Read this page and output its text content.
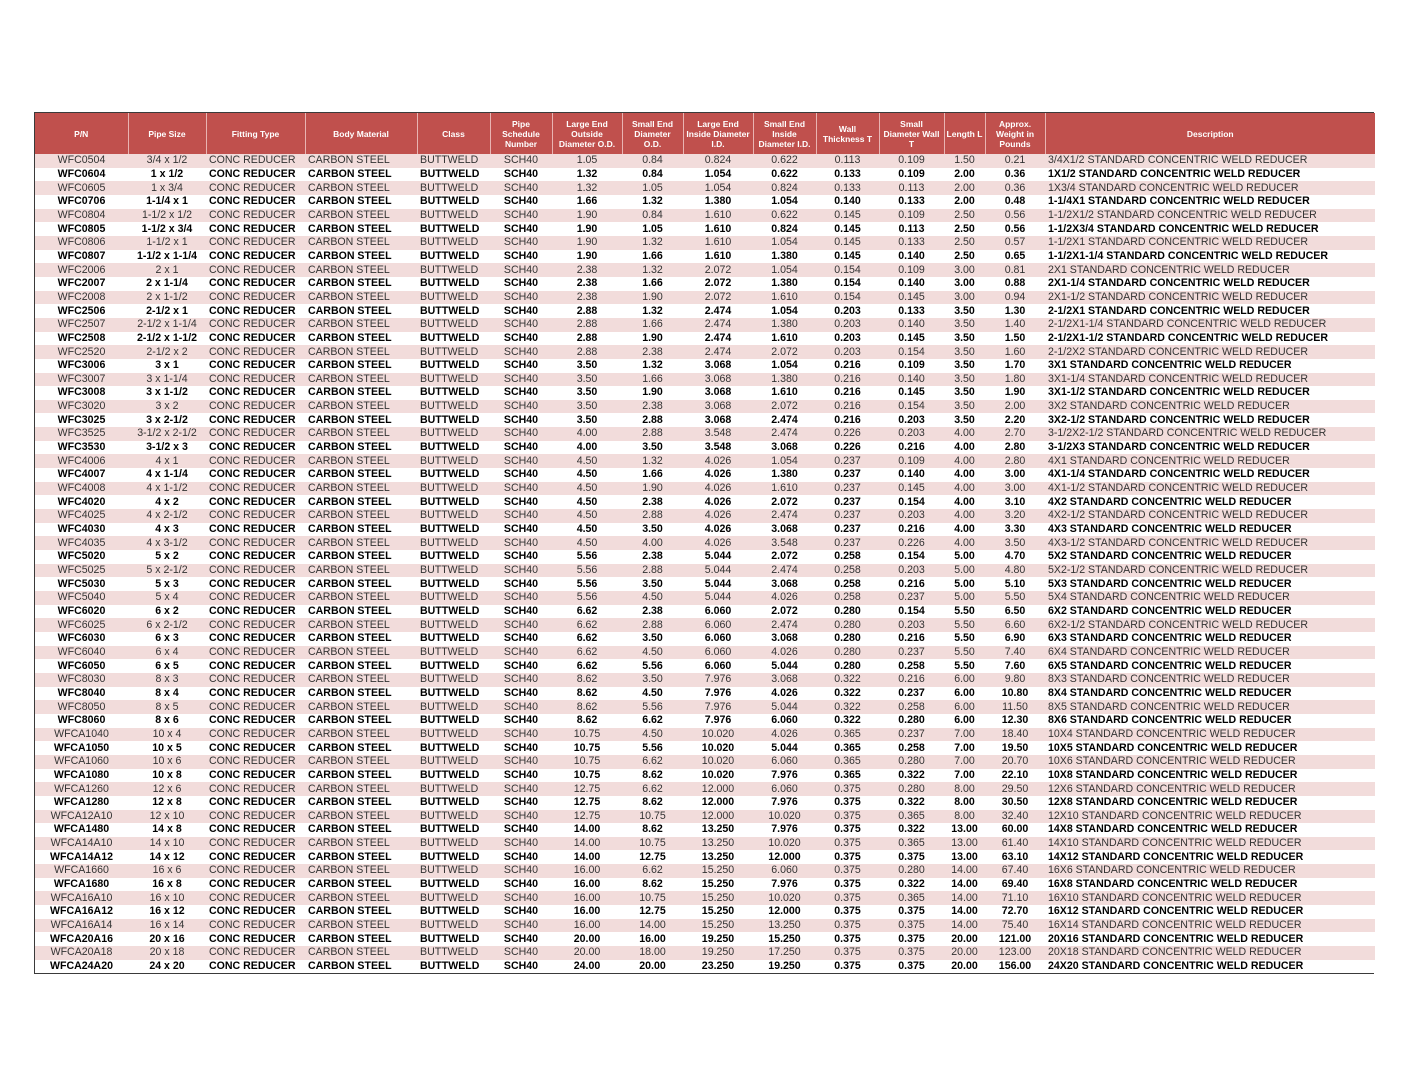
P/N	Pipe Size	Fitting Type	Body Material	Class	Pipe Schedule Number	Large End Outside Diameter O.D.	Small End Diameter O.D.	Large End Inside Diameter I.D.	Small End Inside Diameter I.D.	Wall Thickness T	Small Diameter Wall T	Length L	Approx. Weight in Pounds	Description
WFC0504	3/4 x 1/2	CONC REDUCER	CARBON STEEL	BUTTWELD	SCH40	1.05	0.84	0.824	0.622	0.113	0.109	1.50	0.21	3/4X1/2 STANDARD CONCENTRIC WELD REDUCER
WFC0604	1 x 1/2	CONC REDUCER	CARBON STEEL	BUTTWELD	SCH40	1.32	0.84	1.054	0.622	0.133	0.109	2.00	0.36	1X1/2 STANDARD CONCENTRIC WELD REDUCER
WFC0605	1 x 3/4	CONC REDUCER	CARBON STEEL	BUTTWELD	SCH40	1.32	1.05	1.054	0.824	0.133	0.113	2.00	0.36	1X3/4 STANDARD CONCENTRIC WELD REDUCER
WFC0706	1-1/4 x 1	CONC REDUCER	CARBON STEEL	BUTTWELD	SCH40	1.66	1.32	1.380	1.054	0.140	0.133	2.00	0.48	1-1/4X1 STANDARD CONCENTRIC WELD REDUCER
WFC0804	1-1/2 x 1/2	CONC REDUCER	CARBON STEEL	BUTTWELD	SCH40	1.90	0.84	1.610	0.622	0.145	0.109	2.50	0.56	1-1/2X1/2 STANDARD CONCENTRIC WELD REDUCER
WFC0805	1-1/2 x 3/4	CONC REDUCER	CARBON STEEL	BUTTWELD	SCH40	1.90	1.05	1.610	0.824	0.145	0.113	2.50	0.56	1-1/2X3/4 STANDARD CONCENTRIC WELD REDUCER
WFC0806	1-1/2 x 1	CONC REDUCER	CARBON STEEL	BUTTWELD	SCH40	1.90	1.32	1.610	1.054	0.145	0.133	2.50	0.57	1-1/2X1 STANDARD CONCENTRIC WELD REDUCER
WFC0807	1-1/2 x 1-1/4	CONC REDUCER	CARBON STEEL	BUTTWELD	SCH40	1.90	1.66	1.610	1.380	0.145	0.140	2.50	0.65	1-1/2X1-1/4 STANDARD CONCENTRIC WELD REDUCER
WFC2006	2 x 1	CONC REDUCER	CARBON STEEL	BUTTWELD	SCH40	2.38	1.32	2.072	1.054	0.154	0.109	3.00	0.81	2X1 STANDARD CONCENTRIC WELD REDUCER
WFC2007	2 x 1-1/4	CONC REDUCER	CARBON STEEL	BUTTWELD	SCH40	2.38	1.66	2.072	1.380	0.154	0.140	3.00	0.88	2X1-1/4 STANDARD CONCENTRIC WELD REDUCER
WFC2008	2 x 1-1/2	CONC REDUCER	CARBON STEEL	BUTTWELD	SCH40	2.38	1.90	2.072	1.610	0.154	0.145	3.00	0.94	2X1-1/2 STANDARD CONCENTRIC WELD REDUCER
WFC2506	2-1/2 x 1	CONC REDUCER	CARBON STEEL	BUTTWELD	SCH40	2.88	1.32	2.474	1.054	0.203	0.133	3.50	1.30	2-1/2X1 STANDARD CONCENTRIC WELD REDUCER
WFC2507	2-1/2 x 1-1/4	CONC REDUCER	CARBON STEEL	BUTTWELD	SCH40	2.88	1.66	2.474	1.380	0.203	0.140	3.50	1.40	2-1/2X1-1/4 STANDARD CONCENTRIC WELD REDUCER
WFC2508	2-1/2 x 1-1/2	CONC REDUCER	CARBON STEEL	BUTTWELD	SCH40	2.88	1.90	2.474	1.610	0.203	0.145	3.50	1.50	2-1/2X1-1/2 STANDARD CONCENTRIC WELD REDUCER
WFC2520	2-1/2 x 2	CONC REDUCER	CARBON STEEL	BUTTWELD	SCH40	2.88	2.38	2.474	2.072	0.203	0.154	3.50	1.60	2-1/2X2 STANDARD CONCENTRIC WELD REDUCER
WFC3006	3 x 1	CONC REDUCER	CARBON STEEL	BUTTWELD	SCH40	3.50	1.32	3.068	1.054	0.216	0.109	3.50	1.70	3X1 STANDARD CONCENTRIC WELD REDUCER
WFC3007	3 x 1-1/4	CONC REDUCER	CARBON STEEL	BUTTWELD	SCH40	3.50	1.66	3.068	1.380	0.216	0.140	3.50	1.80	3X1-1/4 STANDARD CONCENTRIC WELD REDUCER
WFC3008	3 x 1-1/2	CONC REDUCER	CARBON STEEL	BUTTWELD	SCH40	3.50	1.90	3.068	1.610	0.216	0.145	3.50	1.90	3X1-1/2 STANDARD CONCENTRIC WELD REDUCER
WFC3020	3 x 2	CONC REDUCER	CARBON STEEL	BUTTWELD	SCH40	3.50	2.38	3.068	2.072	0.216	0.154	3.50	2.00	3X2 STANDARD CONCENTRIC WELD REDUCER
WFC3025	3 x 2-1/2	CONC REDUCER	CARBON STEEL	BUTTWELD	SCH40	3.50	2.88	3.068	2.474	0.216	0.203	3.50	2.20	3X2-1/2 STANDARD CONCENTRIC WELD REDUCER
WFC3525	3-1/2 x 2-1/2	CONC REDUCER	CARBON STEEL	BUTTWELD	SCH40	4.00	2.88	3.548	2.474	0.226	0.203	4.00	2.70	3-1/2X2-1/2 STANDARD CONCENTRIC WELD REDUCER
WFC3530	3-1/2 x 3	CONC REDUCER	CARBON STEEL	BUTTWELD	SCH40	4.00	3.50	3.548	3.068	0.226	0.216	4.00	2.80	3-1/2X3 STANDARD CONCENTRIC WELD REDUCER
WFC4006	4 x 1	CONC REDUCER	CARBON STEEL	BUTTWELD	SCH40	4.50	1.32	4.026	1.054	0.237	0.109	4.00	2.80	4X1 STANDARD CONCENTRIC WELD REDUCER
WFC4007	4 x 1-1/4	CONC REDUCER	CARBON STEEL	BUTTWELD	SCH40	4.50	1.66	4.026	1.380	0.237	0.140	4.00	3.00	4X1-1/4 STANDARD CONCENTRIC WELD REDUCER
WFC4008	4 x 1-1/2	CONC REDUCER	CARBON STEEL	BUTTWELD	SCH40	4.50	1.90	4.026	1.610	0.237	0.145	4.00	3.00	4X1-1/2 STANDARD CONCENTRIC WELD REDUCER
WFC4020	4 x 2	CONC REDUCER	CARBON STEEL	BUTTWELD	SCH40	4.50	2.38	4.026	2.072	0.237	0.154	4.00	3.10	4X2 STANDARD CONCENTRIC WELD REDUCER
WFC4025	4 x 2-1/2	CONC REDUCER	CARBON STEEL	BUTTWELD	SCH40	4.50	2.88	4.026	2.474	0.237	0.203	4.00	3.20	4X2-1/2 STANDARD CONCENTRIC WELD REDUCER
WFC4030	4 x 3	CONC REDUCER	CARBON STEEL	BUTTWELD	SCH40	4.50	3.50	4.026	3.068	0.237	0.216	4.00	3.30	4X3 STANDARD CONCENTRIC WELD REDUCER
WFC4035	4 x 3-1/2	CONC REDUCER	CARBON STEEL	BUTTWELD	SCH40	4.50	4.00	4.026	3.548	0.237	0.226	4.00	3.50	4X3-1/2 STANDARD CONCENTRIC WELD REDUCER
WFC5020	5 x 2	CONC REDUCER	CARBON STEEL	BUTTWELD	SCH40	5.56	2.38	5.044	2.072	0.258	0.154	5.00	4.70	5X2 STANDARD CONCENTRIC WELD REDUCER
WFC5025	5 x 2-1/2	CONC REDUCER	CARBON STEEL	BUTTWELD	SCH40	5.56	2.88	5.044	2.474	0.258	0.203	5.00	4.80	5X2-1/2 STANDARD CONCENTRIC WELD REDUCER
WFC5030	5 x 3	CONC REDUCER	CARBON STEEL	BUTTWELD	SCH40	5.56	3.50	5.044	3.068	0.258	0.216	5.00	5.10	5X3 STANDARD CONCENTRIC WELD REDUCER
WFC5040	5 x 4	CONC REDUCER	CARBON STEEL	BUTTWELD	SCH40	5.56	4.50	5.044	4.026	0.258	0.237	5.00	5.50	5X4 STANDARD CONCENTRIC WELD REDUCER
WFC6020	6 x 2	CONC REDUCER	CARBON STEEL	BUTTWELD	SCH40	6.62	2.38	6.060	2.072	0.280	0.154	5.50	6.50	6X2 STANDARD CONCENTRIC WELD REDUCER
WFC6025	6 x 2-1/2	CONC REDUCER	CARBON STEEL	BUTTWELD	SCH40	6.62	2.88	6.060	2.474	0.280	0.203	5.50	6.60	6X2-1/2 STANDARD CONCENTRIC WELD REDUCER
WFC6030	6 x 3	CONC REDUCER	CARBON STEEL	BUTTWELD	SCH40	6.62	3.50	6.060	3.068	0.280	0.216	5.50	6.90	6X3 STANDARD CONCENTRIC WELD REDUCER
WFC6040	6 x 4	CONC REDUCER	CARBON STEEL	BUTTWELD	SCH40	6.62	4.50	6.060	4.026	0.280	0.237	5.50	7.40	6X4 STANDARD CONCENTRIC WELD REDUCER
WFC6050	6 x 5	CONC REDUCER	CARBON STEEL	BUTTWELD	SCH40	6.62	5.56	6.060	5.044	0.280	0.258	5.50	7.60	6X5 STANDARD CONCENTRIC WELD REDUCER
WFC8030	8 x 3	CONC REDUCER	CARBON STEEL	BUTTWELD	SCH40	8.62	3.50	7.976	3.068	0.322	0.216	6.00	9.80	8X3 STANDARD CONCENTRIC WELD REDUCER
WFC8040	8 x 4	CONC REDUCER	CARBON STEEL	BUTTWELD	SCH40	8.62	4.50	7.976	4.026	0.322	0.237	6.00	10.80	8X4 STANDARD CONCENTRIC WELD REDUCER
WFC8050	8 x 5	CONC REDUCER	CARBON STEEL	BUTTWELD	SCH40	8.62	5.56	7.976	5.044	0.322	0.258	6.00	11.50	8X5 STANDARD CONCENTRIC WELD REDUCER
WFC8060	8 x 6	CONC REDUCER	CARBON STEEL	BUTTWELD	SCH40	8.62	6.62	7.976	6.060	0.322	0.280	6.00	12.30	8X6 STANDARD CONCENTRIC WELD REDUCER
WFCA1040	10 x 4	CONC REDUCER	CARBON STEEL	BUTTWELD	SCH40	10.75	4.50	10.020	4.026	0.365	0.237	7.00	18.40	10X4 STANDARD CONCENTRIC WELD REDUCER
WFCA1050	10 x 5	CONC REDUCER	CARBON STEEL	BUTTWELD	SCH40	10.75	5.56	10.020	5.044	0.365	0.258	7.00	19.50	10X5 STANDARD CONCENTRIC WELD REDUCER
WFCA1060	10 x 6	CONC REDUCER	CARBON STEEL	BUTTWELD	SCH40	10.75	6.62	10.020	6.060	0.365	0.280	7.00	20.70	10X6 STANDARD CONCENTRIC WELD REDUCER
WFCA1080	10 x 8	CONC REDUCER	CARBON STEEL	BUTTWELD	SCH40	10.75	8.62	10.020	7.976	0.365	0.322	7.00	22.10	10X8 STANDARD CONCENTRIC WELD REDUCER
WFCA1260	12 x 6	CONC REDUCER	CARBON STEEL	BUTTWELD	SCH40	12.75	6.62	12.000	6.060	0.375	0.280	8.00	29.50	12X6 STANDARD CONCENTRIC WELD REDUCER
WFCA1280	12 x 8	CONC REDUCER	CARBON STEEL	BUTTWELD	SCH40	12.75	8.62	12.000	7.976	0.375	0.322	8.00	30.50	12X8 STANDARD CONCENTRIC WELD REDUCER
WFCA12A10	12 x 10	CONC REDUCER	CARBON STEEL	BUTTWELD	SCH40	12.75	10.75	12.000	10.020	0.375	0.365	8.00	32.40	12X10 STANDARD CONCENTRIC WELD REDUCER
WFCA1480	14 x 8	CONC REDUCER	CARBON STEEL	BUTTWELD	SCH40	14.00	8.62	13.250	7.976	0.375	0.322	13.00	60.00	14X8 STANDARD CONCENTRIC WELD REDUCER
WFCA14A10	14 x 10	CONC REDUCER	CARBON STEEL	BUTTWELD	SCH40	14.00	10.75	13.250	10.020	0.375	0.365	13.00	61.40	14X10 STANDARD CONCENTRIC WELD REDUCER
WFCA14A12	14 x 12	CONC REDUCER	CARBON STEEL	BUTTWELD	SCH40	14.00	12.75	13.250	12.000	0.375	0.375	13.00	63.10	14X12 STANDARD CONCENTRIC WELD REDUCER
WFCA1660	16 x 6	CONC REDUCER	CARBON STEEL	BUTTWELD	SCH40	16.00	6.62	15.250	6.060	0.375	0.280	14.00	67.40	16X6 STANDARD CONCENTRIC WELD REDUCER
WFCA1680	16 x 8	CONC REDUCER	CARBON STEEL	BUTTWELD	SCH40	16.00	8.62	15.250	7.976	0.375	0.322	14.00	69.40	16X8 STANDARD CONCENTRIC WELD REDUCER
WFCA16A10	16 x 10	CONC REDUCER	CARBON STEEL	BUTTWELD	SCH40	16.00	10.75	15.250	10.020	0.375	0.365	14.00	71.10	16X10 STANDARD CONCENTRIC WELD REDUCER
WFCA16A12	16 x 12	CONC REDUCER	CARBON STEEL	BUTTWELD	SCH40	16.00	12.75	15.250	12.000	0.375	0.375	14.00	72.70	16X12 STANDARD CONCENTRIC WELD REDUCER
WFCA16A14	16 x 14	CONC REDUCER	CARBON STEEL	BUTTWELD	SCH40	16.00	14.00	15.250	13.250	0.375	0.375	14.00	75.40	16X14 STANDARD CONCENTRIC WELD REDUCER
WFCA20A16	20 x 16	CONC REDUCER	CARBON STEEL	BUTTWELD	SCH40	20.00	16.00	19.250	15.250	0.375	0.375	20.00	121.00	20X16 STANDARD CONCENTRIC WELD REDUCER
WFCA20A18	20 x 18	CONC REDUCER	CARBON STEEL	BUTTWELD	SCH40	20.00	18.00	19.250	17.250	0.375	0.375	20.00	123.00	20X18 STANDARD CONCENTRIC WELD REDUCER
WFCA24A20	24 x 20	CONC REDUCER	CARBON STEEL	BUTTWELD	SCH40	24.00	20.00	23.250	19.250	0.375	0.375	20.00	156.00	24X20 STANDARD CONCENTRIC WELD REDUCER
